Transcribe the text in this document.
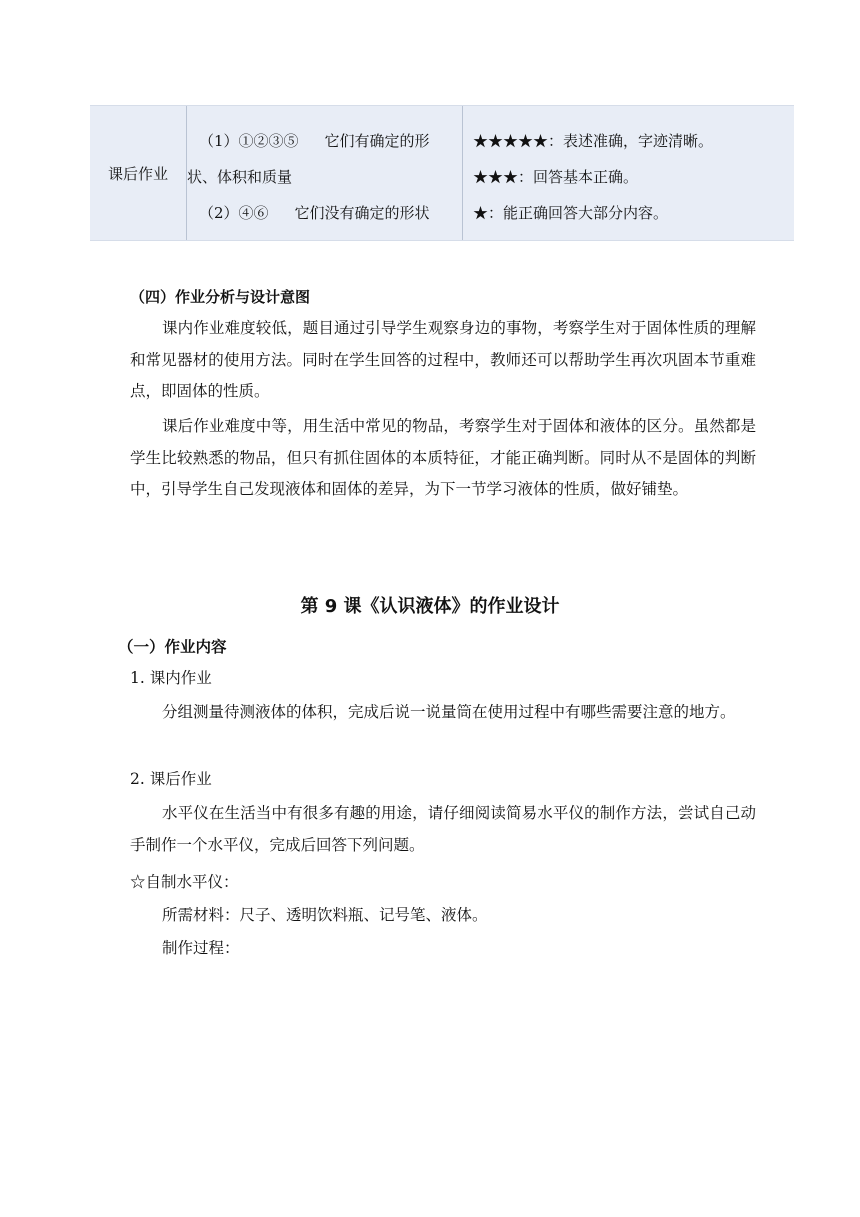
课后作业
（1）①②③⑤ 它们有确定的形
状、体积和质量
（2）④⑥ 它们没有确定的形状
★★★★★：表述准确，字迹清晰。
★★★：回答基本正确。
★：能正确回答大部分内容。
（四）作业分析与设计意图
课内作业难度较低，题目通过引导学生观察身边的事物，考察学生对于固体性质的理解和常见器材的使用方法。同时在学生回答的过程中，教师还可以帮助学生再次巩固本节重难点，即固体的性质。
课后作业难度中等，用生活中常见的物品，考察学生对于固体和液体的区分。虽然都是学生比较熟悉的物品，但只有抓住固体的本质特征，才能正确判断。同时从不是固体的判断中，引导学生自己发现液体和固体的差异，为下一节学习液体的性质，做好铺垫。
第 9 课《认识液体》的作业设计
（一）作业内容
1. 课内作业
分组测量待测液体的体积，完成后说一说量筒在使用过程中有哪些需要注意的地方。
2. 课后作业
水平仪在生活当中有很多有趣的用途，请仔细阅读简易水平仪的制作方法，尝试自己动手制作一个水平仪，完成后回答下列问题。
☆自制水平仪：
所需材料：尺子、透明饮料瓶、记号笔、液体。
制作过程：
